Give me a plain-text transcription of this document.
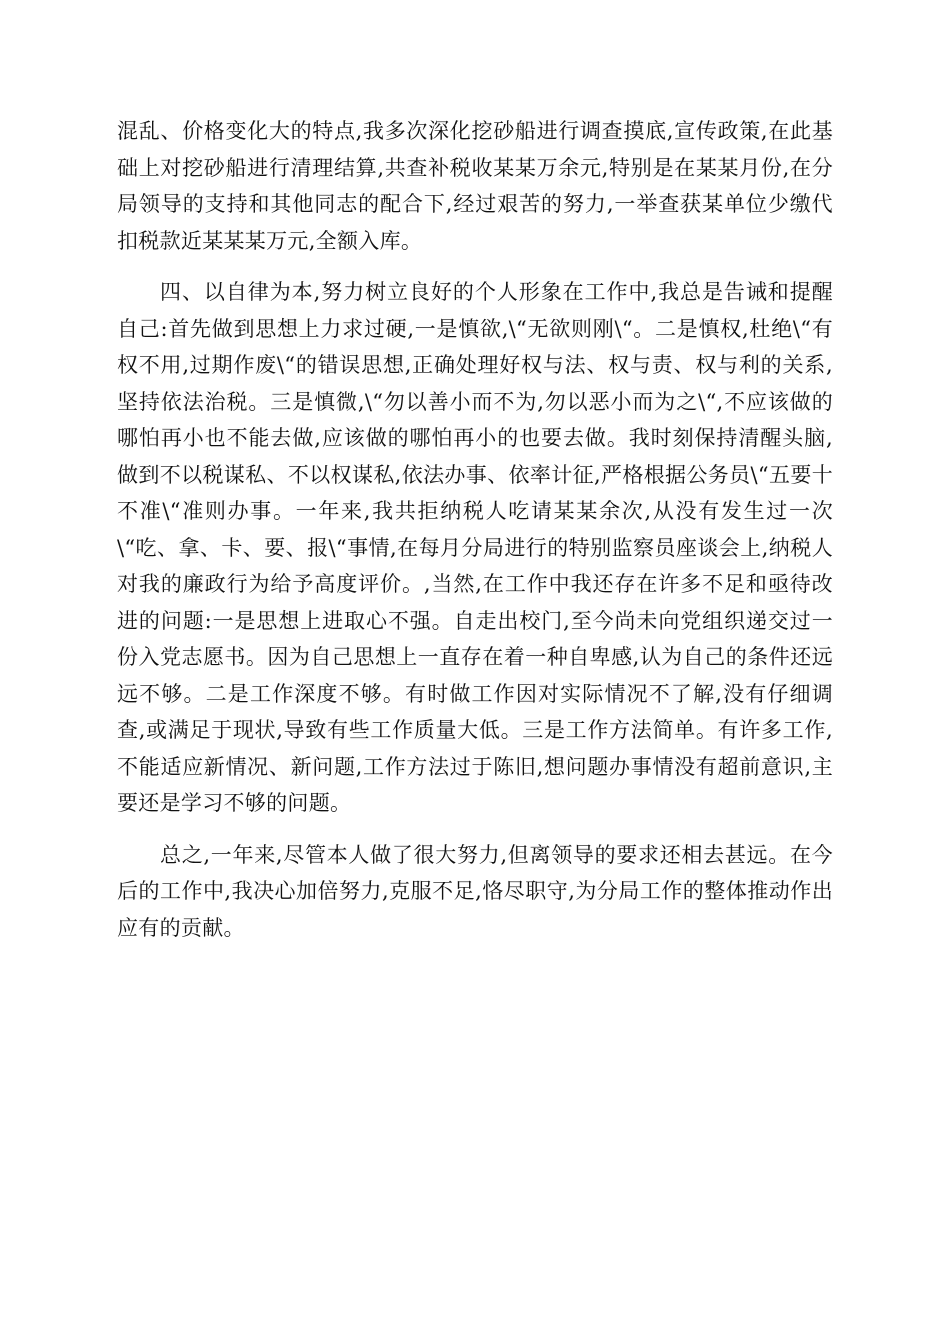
混乱、价格变化大的特点,我多次深化挖砂船进行调查摸底,宣传政策,在此基础上对挖砂船进行清理结算,共查补税收某某万余元,特别是在某某月份,在分局领导的支持和其他同志的配合下,经过艰苦的努力,一举查获某单位少缴代扣税款近某某某万元,全额入库。

四、以自律为本,努力树立良好的个人形象在工作中,我总是告诫和提醒自己:首先做到思想上力求过硬,一是慎欲,\“无欲则刚\“。二是慎权,杜绝\“有权不用,过期作废\“的错误思想,正确处理好权与法、权与责、权与利的关系,坚持依法治税。三是慎微,\“勿以善小而不为,勿以恶小而为之\“,不应该做的哪怕再小也不能去做,应该做的哪怕再小的也要去做。我时刻保持清醒头脑,做到不以税谋私、不以权谋私,依法办事、依率计征,严格根据公务员\“五要十不准\“准则办事。一年来,我共拒纳税人吃请某某余次,从没有发生过一次\“吃、拿、卡、要、报\“事情,在每月分局进行的特别监察员座谈会上,纳税人对我的廉政行为给予高度评价。,当然,在工作中我还存在许多不足和亟待改进的问题:一是思想上进取心不强。自走出校门,至今尚未向党组织递交过一份入党志愿书。因为自己思想上一直存在着一种自卑感,认为自己的条件还远远不够。二是工作深度不够。有时做工作因对实际情况不了解,没有仔细调查,或满足于现状,导致有些工作质量大低。三是工作方法简单。有许多工作,不能适应新情况、新问题,工作方法过于陈旧,想问题办事情没有超前意识,主要还是学习不够的问题。

总之,一年来,尽管本人做了很大努力,但离领导的要求还相去甚远。在今后的工作中,我决心加倍努力,克服不足,恪尽职守,为分局工作的整体推动作出应有的贡献。
